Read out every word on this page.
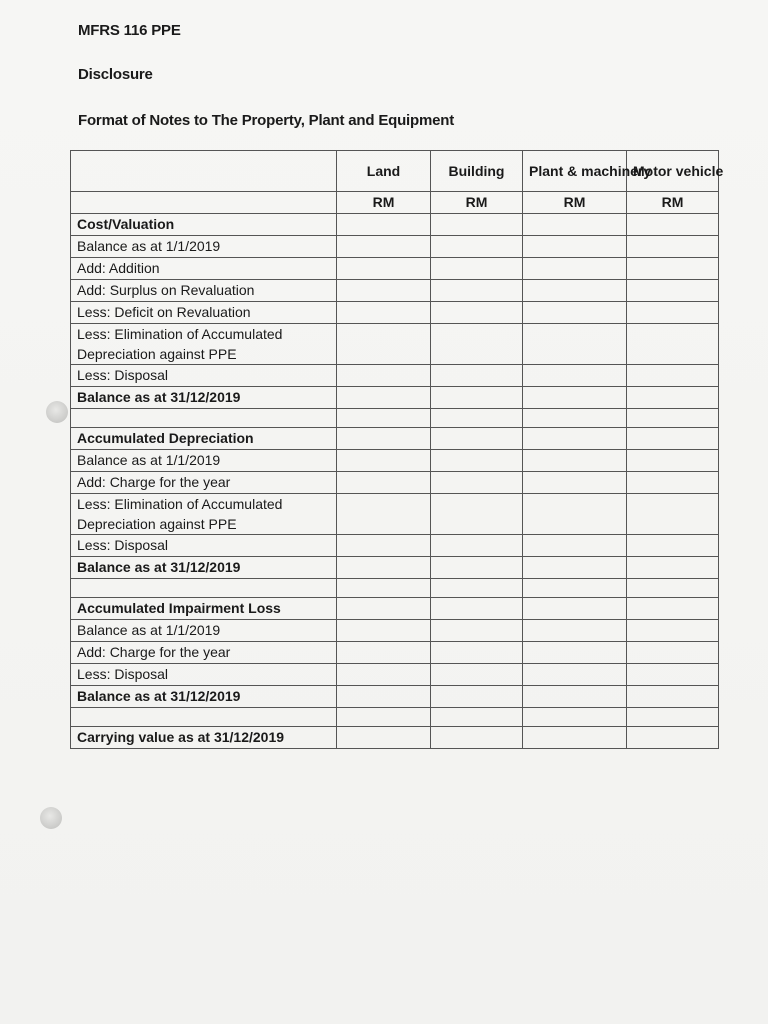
MFRS 116 PPE
Disclosure
Format of Notes to The Property, Plant and Equipment
	Land	Building	Plant & machinery	Motor vehicle
	RM	RM	RM	RM
Cost/Valuation				
Balance as at 1/1/2019				
Add: Addition				
Add: Surplus on Revaluation				
Less: Deficit on Revaluation				
Less: Elimination of Accumulated Depreciation against PPE				
Less: Disposal				
Balance as at 31/12/2019				

Accumulated Depreciation				
Balance as at 1/1/2019				
Add: Charge for the year				
Less: Elimination of Accumulated Depreciation against PPE				
Less: Disposal				
Balance as at 31/12/2019				

Accumulated Impairment Loss				
Balance as at 1/1/2019				
Add: Charge for the year				
Less: Disposal				
Balance as at 31/12/2019				

Carrying value as at 31/12/2019				
